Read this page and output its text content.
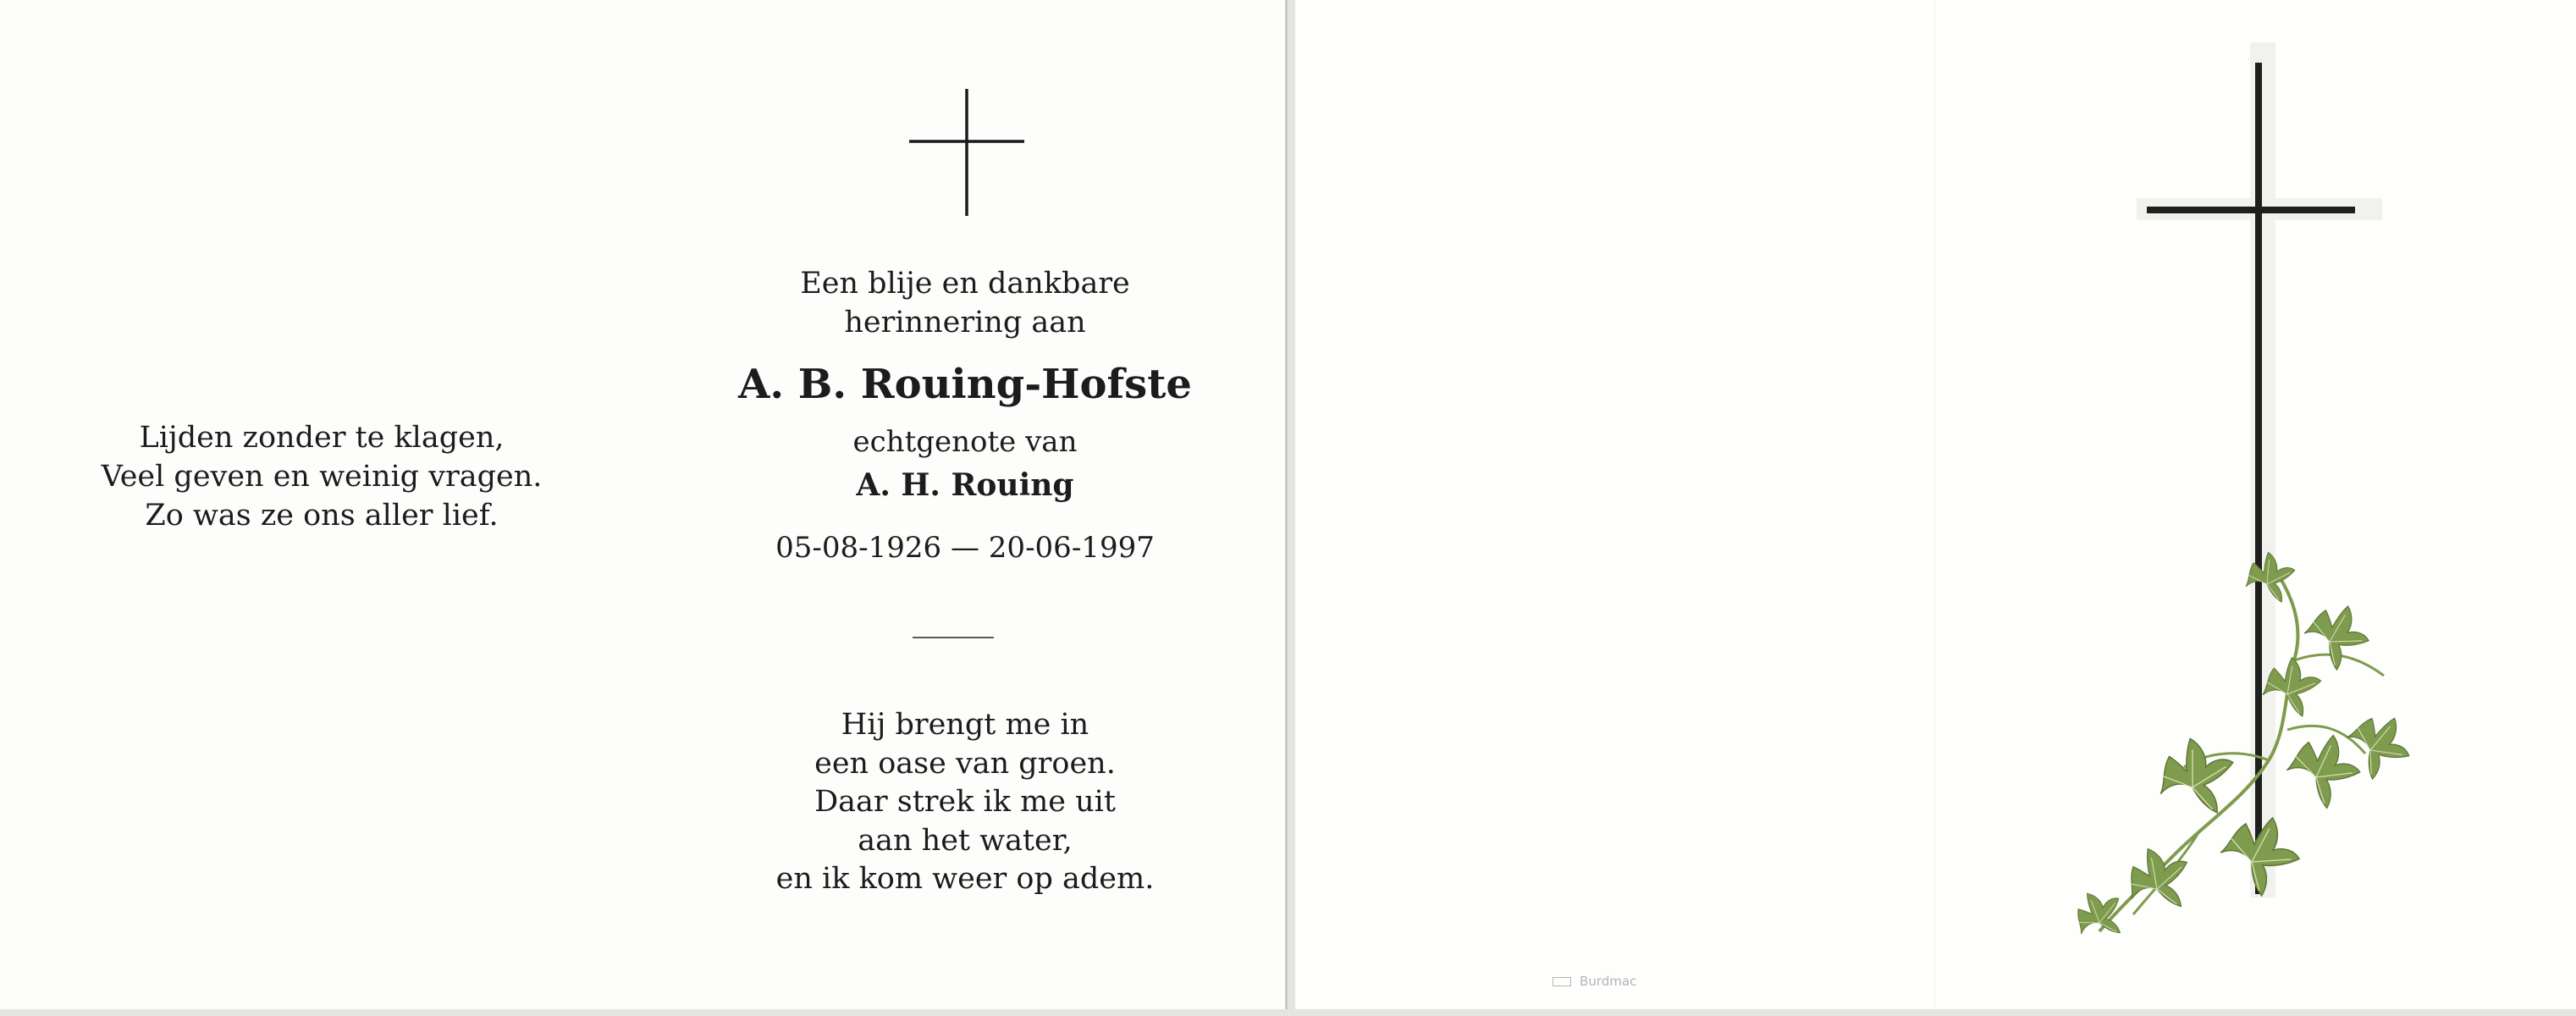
Lijden zonder te klagen,
Veel geven en weinig vragen.
Zo was ze ons aller lief.
Een blije en dankbare
herinnering aan
A. B. Rouing-Hofste
echtgenote van
A. H. Rouing
05-08-1926 — 20-06-1997
Hij brengt me in
een oase van groen.
Daar strek ik me uit
aan het water,
en ik kom weer op adem.
Burdmac
